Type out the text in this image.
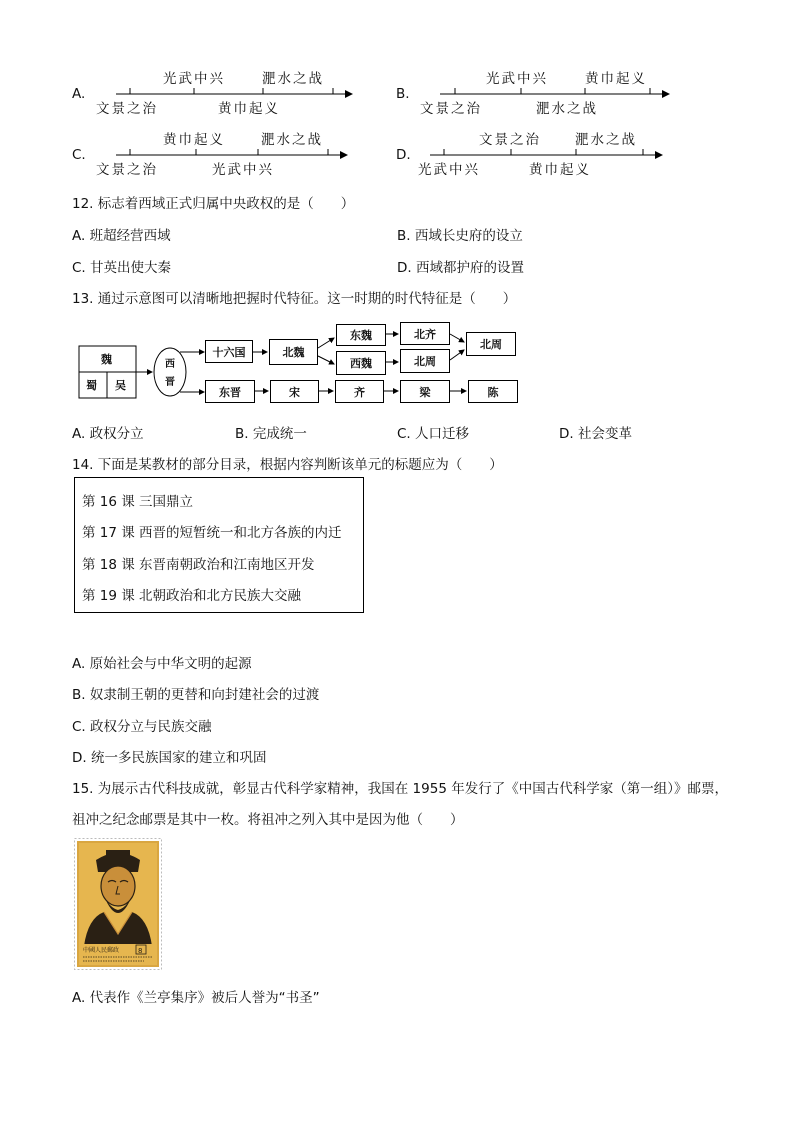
A.
光武中兴	淝水之战
文景之治	黄巾起义
B.
光武中兴	黄巾起义
文景之治	淝水之战
C.
黄巾起义	淝水之战
文景之治	光武中兴
D.
文景之治	淝水之战
光武中兴	黄巾起义
12. 标志着西域正式归属中央政权的是（　　）
A. 班超经营西域	B. 西域长史府的设立
C. 甘英出使大秦	D. 西域都护府的设置
13. 通过示意图可以清晰地把握时代特征。这一时期的时代特征是（　　）
魏
蜀 吴
西
晋
十六国	北魏
东魏
西魏
北齐
北周
北周
东晋	宋	齐	梁	陈
A. 政权分立	B. 完成统一	C. 人口迁移	D. 社会变革
14. 下面是某教材的部分目录，根据内容判断该单元的标题应为（　　）
第 16 课 三国鼎立
第 17 课 西晋的短暂统一和北方各族的内迁
第 18 课 东晋南朝政治和江南地区开发
第 19 课 北朝政治和北方民族大交融
A. 原始社会与中华文明的起源
B. 奴隶制王朝的更替和向封建社会的过渡
C. 政权分立与民族交融
D. 统一多民族国家的建立和巩固
15. 为展示古代科技成就，彰显古代科学家精神，我国在 1955 年发行了《中国古代科学家（第一组）》邮票，
祖冲之纪念邮票是其中一枚。将祖冲之列入其中是因为他（　　）
中國人民郵政	8
A. 代表作《兰亭集序》被后人誉为“书圣”
